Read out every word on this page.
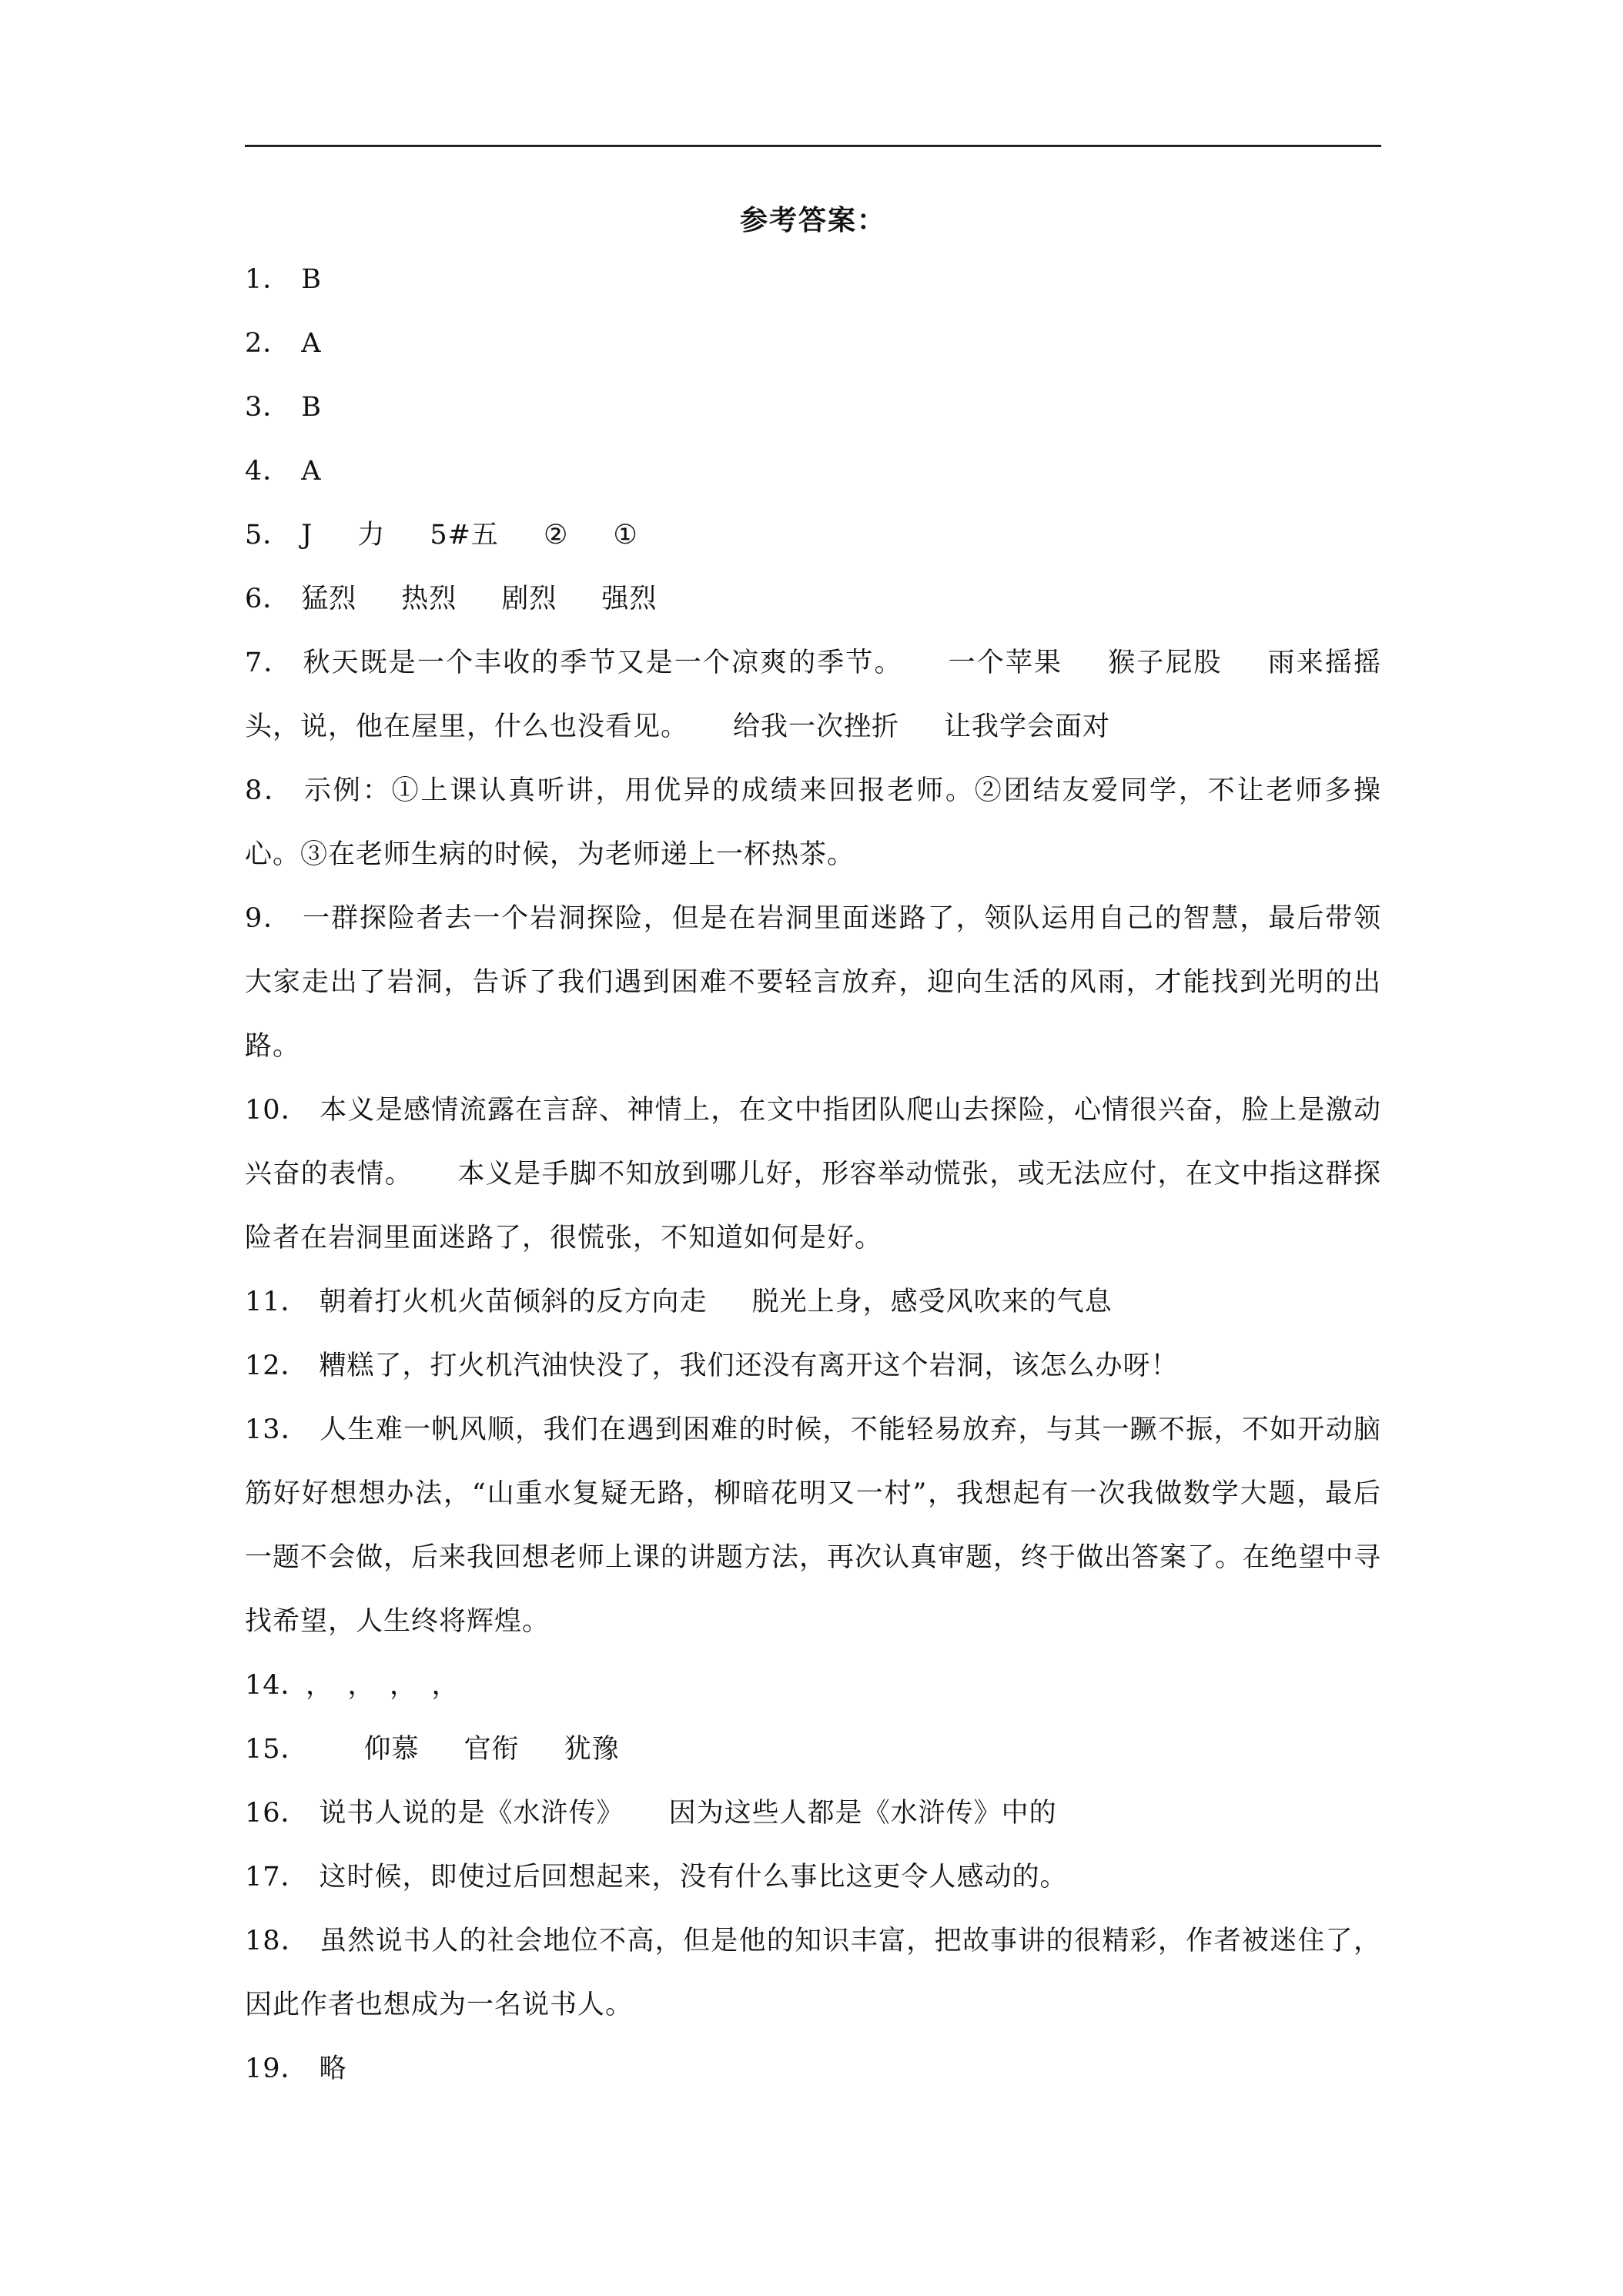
参考答案：

1． B

2． A

3． B

4． A

5． J 力 5#五 ② ①

6． 猛烈 热烈 剧烈 强烈

7． 秋天既是一个丰收的季节又是一个凉爽的季节。 一个苹果 猴子屁股 雨来摇摇头，说，他在屋里，什么也没看见。 给我一次挫折 让我学会面对

8． 示例：①上课认真听讲，用优异的成绩来回报老师。②团结友爱同学，不让老师多操心。③在老师生病的时候，为老师递上一杯热茶。

9． 一群探险者去一个岩洞探险，但是在岩洞里面迷路了，领队运用自己的智慧，最后带领大家走出了岩洞，告诉了我们遇到困难不要轻言放弃，迎向生活的风雨，才能找到光明的出路。

10． 本义是感情流露在言辞、神情上，在文中指团队爬山去探险，心情很兴奋，脸上是激动兴奋的表情。 本义是手脚不知放到哪儿好，形容举动慌张，或无法应付，在文中指这群探险者在岩洞里面迷路了，很慌张，不知道如何是好。

11． 朝着打火机火苗倾斜的反方向走 脱光上身，感受风吹来的气息

12． 糟糕了，打火机汽油快没了，我们还没有离开这个岩洞，该怎么办呀！

13． 人生难一帆风顺，我们在遇到困难的时候，不能轻易放弃，与其一蹶不振，不如开动脑筋好好想想办法，“山重水复疑无路，柳暗花明又一村”，我想起有一次我做数学大题，最后一题不会做，后来我回想老师上课的讲题方法，再次认真审题，终于做出答案了。在绝望中寻找希望，人生终将辉煌。

14． ，　，　，　，

15． 仰慕 官衔 犹豫

16． 说书人说的是《水浒传》 因为这些人都是《水浒传》中的

17． 这时候，即使过后回想起来，没有什么事比这更令人感动的。

18． 虽然说书人的社会地位不高，但是他的知识丰富，把故事讲的很精彩，作者被迷住了，因此作者也想成为一名说书人。

19． 略
